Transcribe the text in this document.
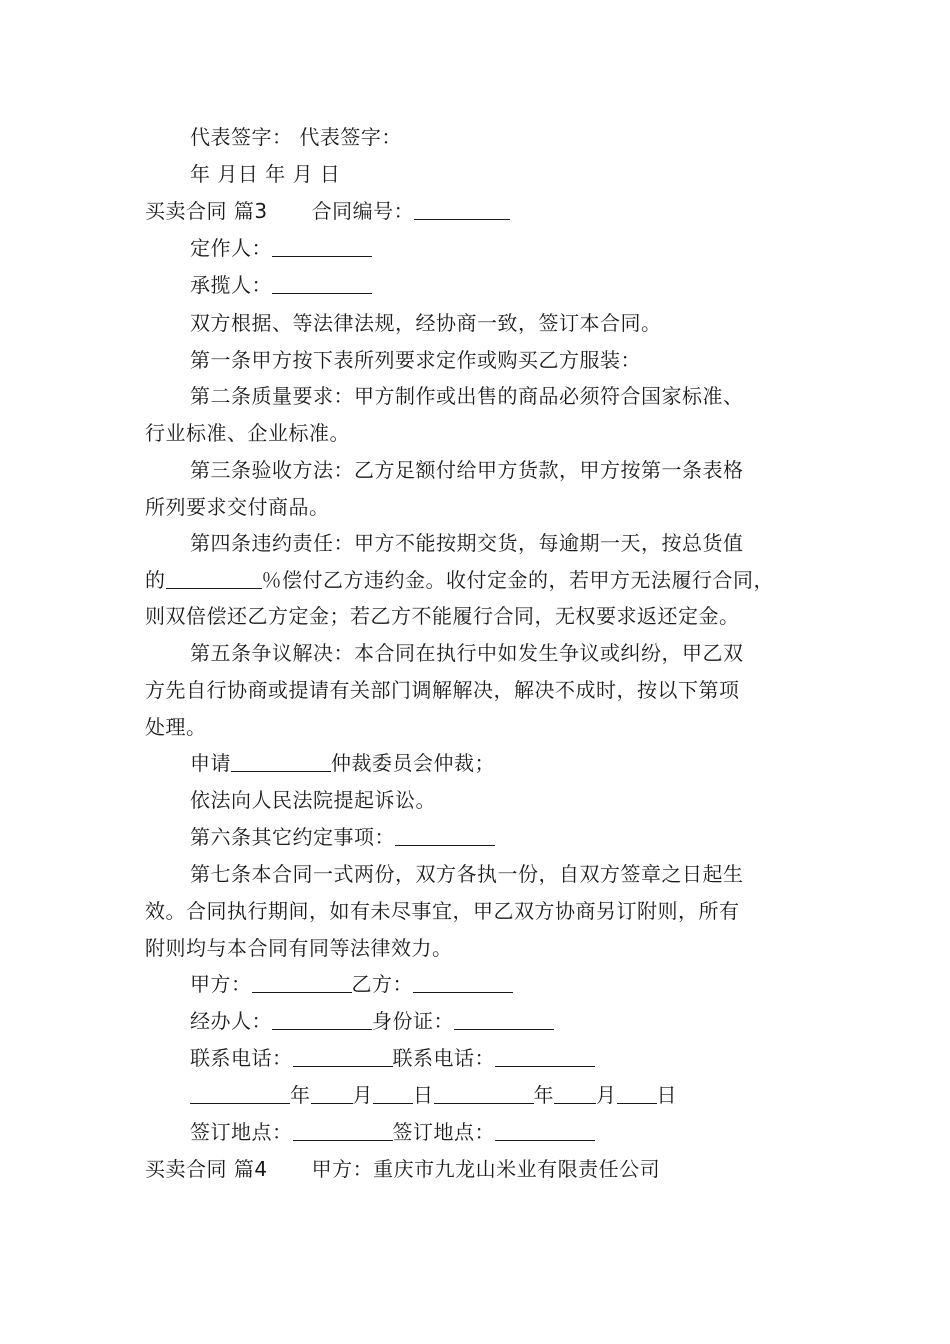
代表签字： 代表签字：
年 月日 年 月 日
买卖合同 篇3 合同编号：
定作人：
承揽人：
双方根据、等法律法规，经协商一致，签订本合同。
第一条甲方按下表所列要求定作或购买乙方服装：
第二条质量要求：甲方制作或出售的商品必须符合国家标准、
行业标准、企业标准。
第三条验收方法：乙方足额付给甲方货款，甲方按第一条表格
所列要求交付商品。
第四条违约责任：甲方不能按期交货，每逾期一天，按总货值
的	％偿付乙方违约金。收付定金的，若甲方无法履行合同，
则双倍偿还乙方定金；若乙方不能履行合同，无权要求返还定金。
第五条争议解决：本合同在执行中如发生争议或纠纷，甲乙双
方先自行协商或提请有关部门调解解决，解决不成时，按以下第项
处理。
申请	仲裁委员会仲裁；
依法向人民法院提起诉讼。
第六条其它约定事项：
第七条本合同一式两份，双方各执一份，自双方签章之日起生
效。合同执行期间，如有未尽事宜，甲乙双方协商另订附则，所有
附则均与本合同有同等法律效力。
甲方：	乙方：
经办人：	身份证：
联系电话：	联系电话：
年 月 日	年 月 日
签订地点：	签订地点：
买卖合同 篇4 甲方：重庆市九龙山米业有限责任公司
